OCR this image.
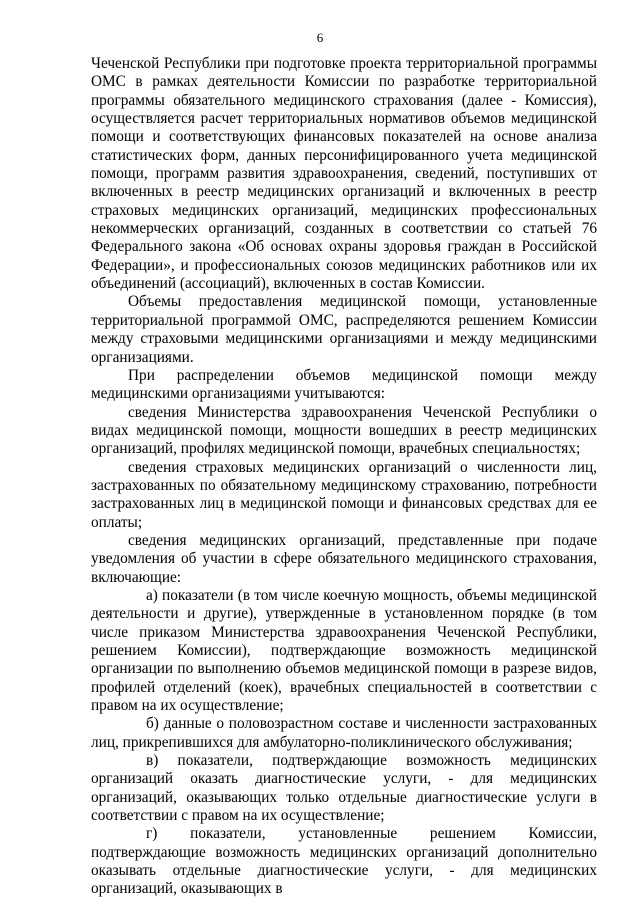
6

Чеченской Республики при подготовке проекта территориальной программы ОМС в рамках деятельности Комиссии по разработке территориальной программы обязательного медицинского страхования (далее - Комиссия), осуществляется расчет территориальных нормативов объемов медицинской помощи и соответствующих финансовых показателей на основе анализа статистических форм, данных персонифицированного учета медицинской помощи, программ развития здравоохранения, сведений, поступивших от включенных в реестр медицинских организаций и включенных в реестр страховых медицинских организаций, медицинских профессиональных некоммерческих организаций, созданных в соответствии со статьей 76 Федерального закона «Об основах охраны здоровья граждан в Российской Федерации», и профессиональных союзов медицинских работников или их объединений (ассоциаций), включенных в состав Комиссии.

Объемы предоставления медицинской помощи, установленные территориальной программой ОМС, распределяются решением Комиссии между страховыми медицинскими организациями и между медицинскими организациями.

При распределении объемов медицинской помощи между медицинскими организациями учитываются:

сведения Министерства здравоохранения Чеченской Республики о видах медицинской помощи, мощности вошедших в реестр медицинских организаций, профилях медицинской помощи, врачебных специальностях;

сведения страховых медицинских организаций о численности лиц, застрахованных по обязательному медицинскому страхованию, потребности застрахованных лиц в медицинской помощи и финансовых средствах для ее оплаты;

сведения медицинских организаций, представленные при подаче уведомления об участии в сфере обязательного медицинского страхования, включающие:

а) показатели (в том числе коечную мощность, объемы медицинской деятельности и другие), утвержденные в установленном порядке (в том числе приказом Министерства здравоохранения Чеченской Республики, решением Комиссии), подтверждающие возможность медицинской организации по выполнению объемов медицинской помощи в разрезе видов, профилей отделений (коек), врачебных специальностей в соответствии с правом на их осуществление;

б) данные о половозрастном составе и численности застрахованных лиц, прикрепившихся для амбулаторно-поликлинического обслуживания;

в) показатели, подтверждающие возможность медицинских организаций оказать диагностические услуги, - для медицинских организаций, оказывающих только отдельные диагностические услуги в соответствии с правом на их осуществление;

г) показатели, установленные решением Комиссии, подтверждающие возможность медицинских организаций дополнительно оказывать отдельные диагностические услуги, - для медицинских организаций, оказывающих в
